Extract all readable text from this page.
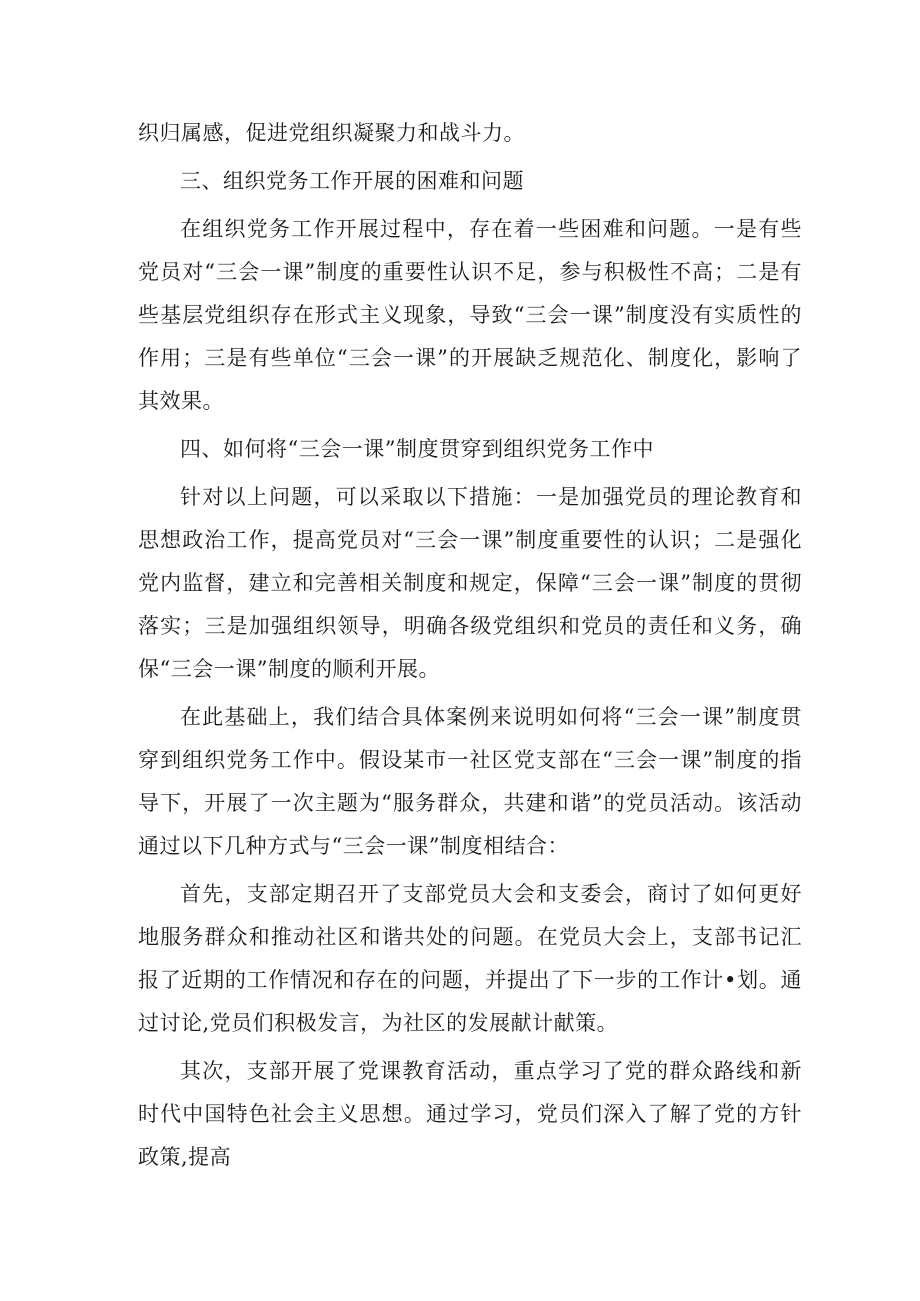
织归属感，促进党组织凝聚力和战斗力。

三、组织党务工作开展的困难和问题

在组织党务工作开展过程中，存在着一些困难和问题。一是有些党员对“三会一课”制度的重要性认识不足，参与积极性不高；二是有些基层党组织存在形式主义现象，导致“三会一课”制度没有实质性的作用；三是有些单位“三会一课”的开展缺乏规范化、制度化，影响了其效果。

四、如何将“三会一课”制度贯穿到组织党务工作中

针对以上问题，可以采取以下措施：一是加强党员的理论教育和思想政治工作，提高党员对“三会一课”制度重要性的认识；二是强化党内监督，建立和完善相关制度和规定，保障“三会一课”制度的贯彻落实；三是加强组织领导，明确各级党组织和党员的责任和义务，确保“三会一课”制度的顺利开展。

在此基础上，我们结合具体案例来说明如何将“三会一课”制度贯穿到组织党务工作中。假设某市一社区党支部在“三会一课”制度的指导下，开展了一次主题为“服务群众，共建和谐”的党员活动。该活动通过以下几种方式与“三会一课”制度相结合：

首先，支部定期召开了支部党员大会和支委会，商讨了如何更好地服务群众和推动社区和谐共处的问题。在党员大会上，支部书记汇报了近期的工作情况和存在的问题，并提出了下一步的工作计•划。通过讨论,党员们积极发言，为社区的发展献计献策。

其次，支部开展了党课教育活动，重点学习了党的群众路线和新时代中国特色社会主义思想。通过学习，党员们深入了解了党的方针政策,提高
